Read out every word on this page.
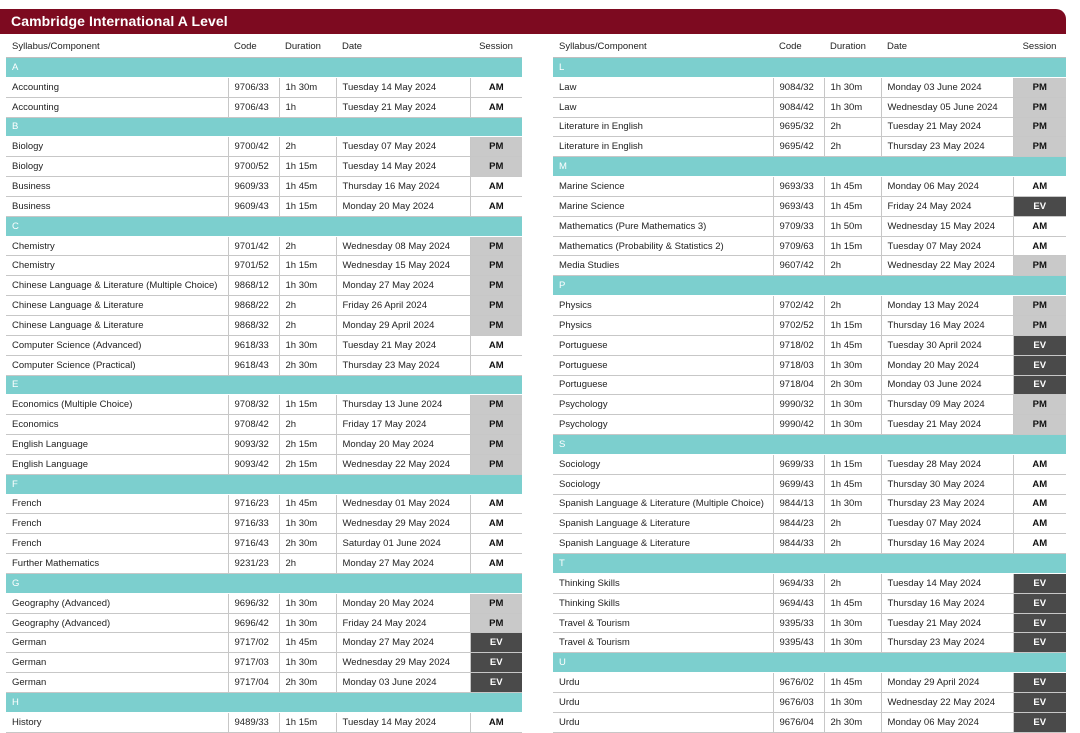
Cambridge International A Level
Syllabus/Component	Code	Duration	Date	Session
A				
Accounting	9706/33	1h 30m	Tuesday 14 May 2024	AM
Accounting	9706/43	1h	Tuesday 21 May 2024	AM
B				
Biology	9700/42	2h	Tuesday 07 May 2024	PM
Biology	9700/52	1h 15m	Tuesday 14 May 2024	PM
Business	9609/33	1h 45m	Thursday 16 May 2024	AM
Business	9609/43	1h 15m	Monday 20 May 2024	AM
C				
Chemistry	9701/42	2h	Wednesday 08 May 2024	PM
Chemistry	9701/52	1h 15m	Wednesday 15 May 2024	PM
Chinese Language & Literature (Multiple Choice)	9868/12	1h 30m	Monday 27 May 2024	PM
Chinese Language & Literature	9868/22	2h	Friday 26 April 2024	PM
Chinese Language & Literature	9868/32	2h	Monday 29 April 2024	PM
Computer Science (Advanced)	9618/33	1h 30m	Tuesday 21 May 2024	AM
Computer Science (Practical)	9618/43	2h 30m	Thursday 23 May 2024	AM
E				
Economics (Multiple Choice)	9708/32	1h 15m	Thursday 13 June 2024	PM
Economics	9708/42	2h	Friday 17 May 2024	PM
English Language	9093/32	2h 15m	Monday 20 May 2024	PM
English Language	9093/42	2h 15m	Wednesday 22 May 2024	PM
F				
French	9716/23	1h 45m	Wednesday 01 May 2024	AM
French	9716/33	1h 30m	Wednesday 29 May 2024	AM
French	9716/43	2h 30m	Saturday 01 June 2024	AM
Further Mathematics	9231/23	2h	Monday 27 May 2024	AM
G				
Geography (Advanced)	9696/32	1h 30m	Monday 20 May 2024	PM
Geography (Advanced)	9696/42	1h 30m	Friday 24 May 2024	PM
German	9717/02	1h 45m	Monday 27 May 2024	EV
German	9717/03	1h 30m	Wednesday 29 May 2024	EV
German	9717/04	2h 30m	Monday 03 June 2024	EV
H				
History	9489/33	1h 15m	Tuesday 14 May 2024	AM
Syllabus/Component	Code	Duration	Date	Session
L				
Law	9084/32	1h 30m	Monday 03 June 2024	PM
Law	9084/42	1h 30m	Wednesday 05 June 2024	PM
Literature in English	9695/32	2h	Tuesday 21 May 2024	PM
Literature in English	9695/42	2h	Thursday 23 May 2024	PM
M				
Marine Science	9693/33	1h 45m	Monday 06 May 2024	AM
Marine Science	9693/43	1h 45m	Friday 24 May 2024	EV
Mathematics (Pure Mathematics 3)	9709/33	1h 50m	Wednesday 15 May 2024	AM
Mathematics (Probability & Statistics 2)	9709/63	1h 15m	Tuesday 07 May 2024	AM
Media Studies	9607/42	2h	Wednesday 22 May 2024	PM
P				
Physics	9702/42	2h	Monday 13 May 2024	PM
Physics	9702/52	1h 15m	Thursday 16 May 2024	PM
Portuguese	9718/02	1h 45m	Tuesday 30 April 2024	EV
Portuguese	9718/03	1h 30m	Monday 20 May 2024	EV
Portuguese	9718/04	2h 30m	Monday 03 June 2024	EV
Psychology	9990/32	1h 30m	Thursday 09 May 2024	PM
Psychology	9990/42	1h 30m	Tuesday 21 May 2024	PM
S				
Sociology	9699/33	1h 15m	Tuesday 28 May 2024	AM
Sociology	9699/43	1h 45m	Thursday 30 May 2024	AM
Spanish Language & Literature (Multiple Choice)	9844/13	1h 30m	Thursday 23 May 2024	AM
Spanish Language & Literature	9844/23	2h	Tuesday 07 May 2024	AM
Spanish Language & Literature	9844/33	2h	Thursday 16 May 2024	AM
T				
Thinking Skills	9694/33	2h	Tuesday 14 May 2024	EV
Thinking Skills	9694/43	1h 45m	Thursday 16 May 2024	EV
Travel & Tourism	9395/33	1h 30m	Tuesday 21 May 2024	EV
Travel & Tourism	9395/43	1h 30m	Thursday 23 May 2024	EV
U				
Urdu	9676/02	1h 45m	Monday 29 April 2024	EV
Urdu	9676/03	1h 30m	Wednesday 22 May 2024	EV
Urdu	9676/04	2h 30m	Monday 06 May 2024	EV
